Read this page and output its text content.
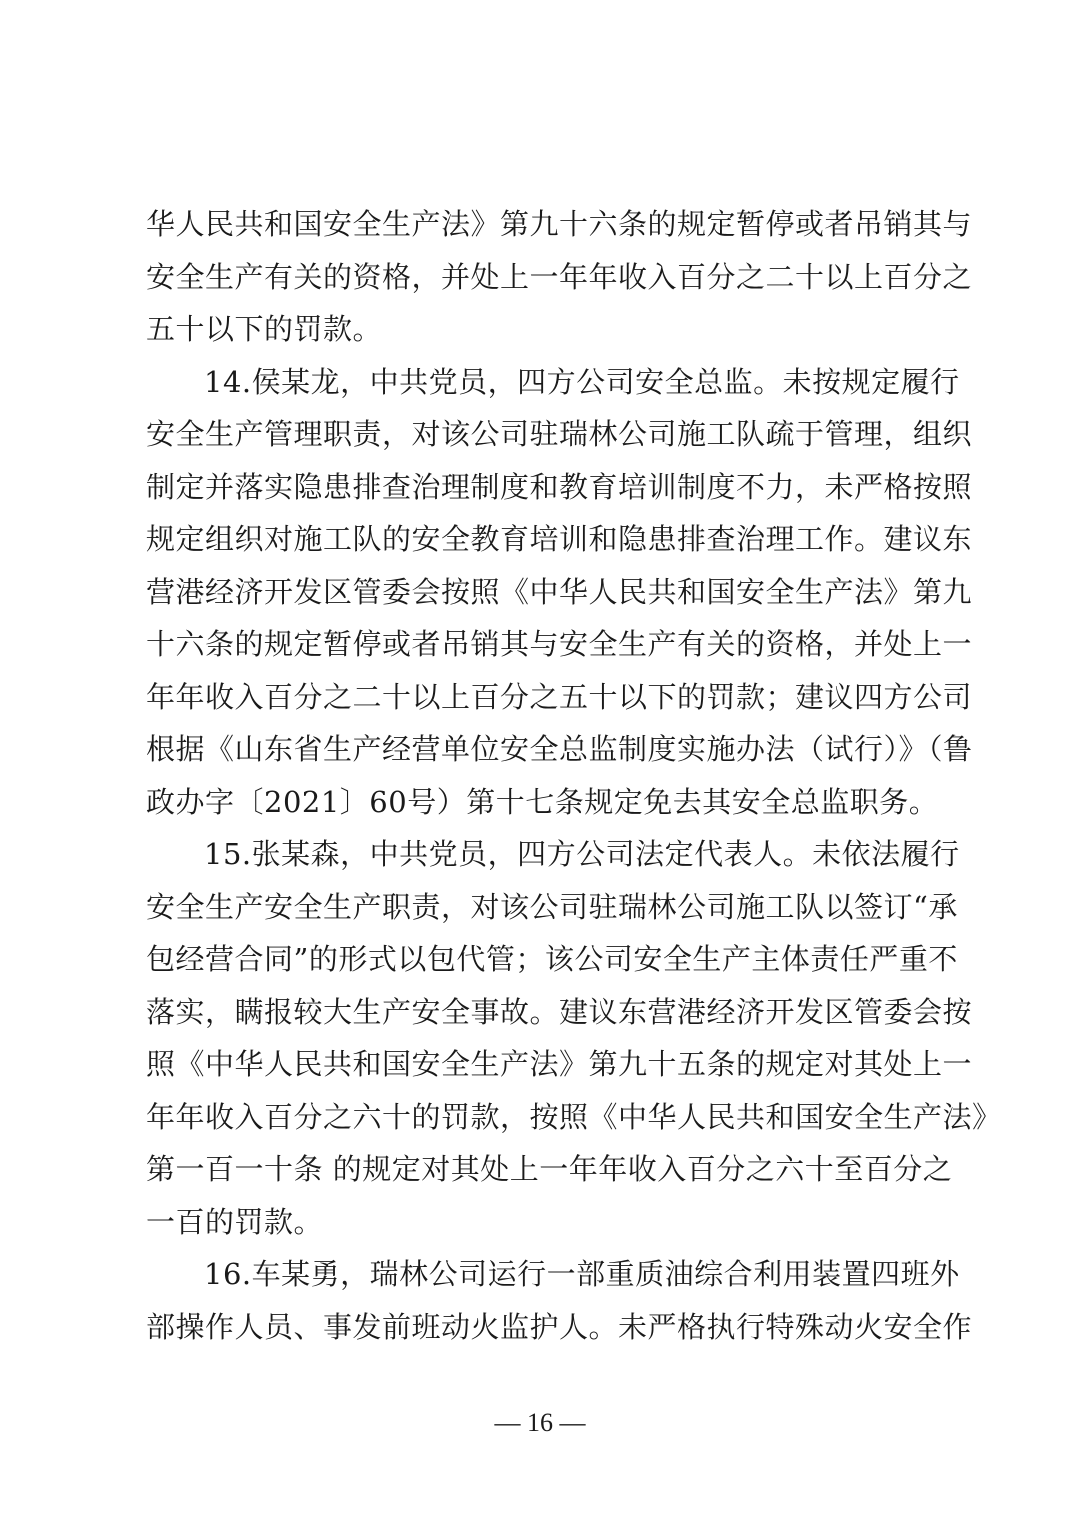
华人民共和国安全生产法》第九十六条的规定暂停或者吊销其与
安全生产有关的资格，并处上一年年收入百分之二十以上百分之
五十以下的罚款。
14.侯某龙，中共党员，四方公司安全总监。未按规定履行
安全生产管理职责，对该公司驻瑞林公司施工队疏于管理，组织
制定并落实隐患排查治理制度和教育培训制度不力，未严格按照
规定组织对施工队的安全教育培训和隐患排查治理工作。建议东
营港经济开发区管委会按照《中华人民共和国安全生产法》第九
十六条的规定暂停或者吊销其与安全生产有关的资格，并处上一
年年收入百分之二十以上百分之五十以下的罚款；建议四方公司
根据《山东省生产经营单位安全总监制度实施办法（试行）》（鲁
政办字〔2021〕60号）第十七条规定免去其安全总监职务。
15.张某森，中共党员，四方公司法定代表人。未依法履行
安全生产安全生产职责，对该公司驻瑞林公司施工队以签订“承
包经营合同”的形式以包代管；该公司安全生产主体责任严重不
落实，瞒报较大生产安全事故。建议东营港经济开发区管委会按
照《中华人民共和国安全生产法》第九十五条的规定对其处上一
年年收入百分之六十的罚款，按照《中华人民共和国安全生产法》
第一百一十条 的规定对其处上一年年收入百分之六十至百分之
一百的罚款。
16.车某勇，瑞林公司运行一部重质油综合利用装置四班外
部操作人员、事发前班动火监护人。未严格执行特殊动火安全作
— 16 —
